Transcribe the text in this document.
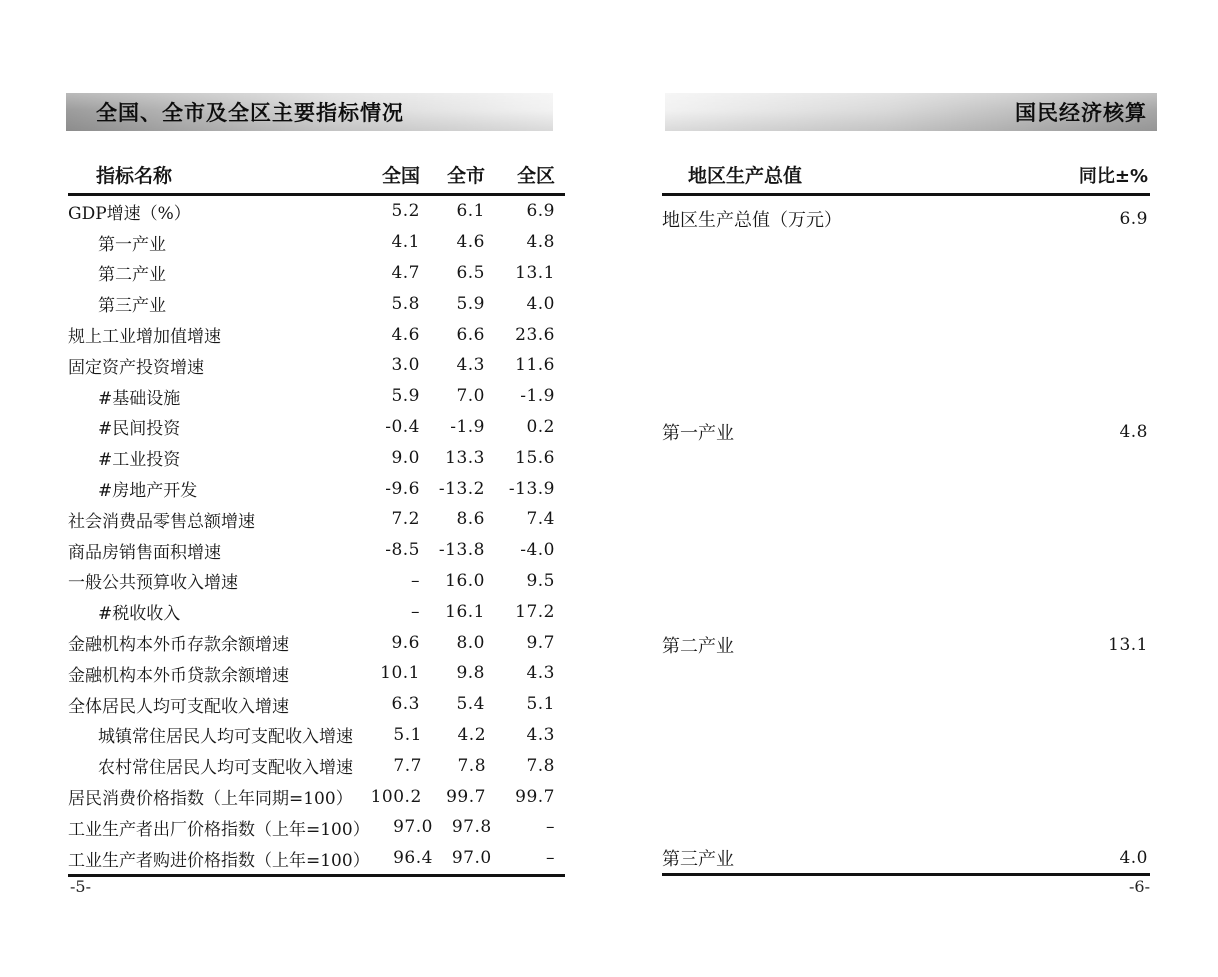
全国、全市及全区主要指标情况
指标名称	全国	全市	全区
GDP增速（%）	5.2	6.1	6.9
第一产业	4.1	4.6	4.8
第二产业	4.7	6.5	13.1
第三产业	5.8	5.9	4.0
规上工业增加值增速	4.6	6.6	23.6
固定资产投资增速	3.0	4.3	11.6
#基础设施	5.9	7.0	-1.9
#民间投资	-0.4	-1.9	0.2
#工业投资	9.0	13.3	15.6
#房地产开发	-9.6	-13.2	-13.9
社会消费品零售总额增速	7.2	8.6	7.4
商品房销售面积增速	-8.5	-13.8	-4.0
一般公共预算收入增速	–	16.0	9.5
#税收收入	–	16.1	17.2
金融机构本外币存款余额增速	9.6	8.0	9.7
金融机构本外币贷款余额增速	10.1	9.8	4.3
全体居民人均可支配收入增速	6.3	5.4	5.1
城镇常住居民人均可支配收入增速	5.1	4.2	4.3
农村常住居民人均可支配收入增速	7.7	7.8	7.8
居民消费价格指数（上年同期=100）	100.2	99.7	99.7
工业生产者出厂价格指数（上年=100）	97.0	97.8	–
工业生产者购进价格指数（上年=100）	96.4	97.0	–
-5-
国民经济核算
地区生产总值	同比±%
地区生产总值（万元）	6.9
第一产业	4.8
第二产业	13.1
第三产业	4.0
-6-
